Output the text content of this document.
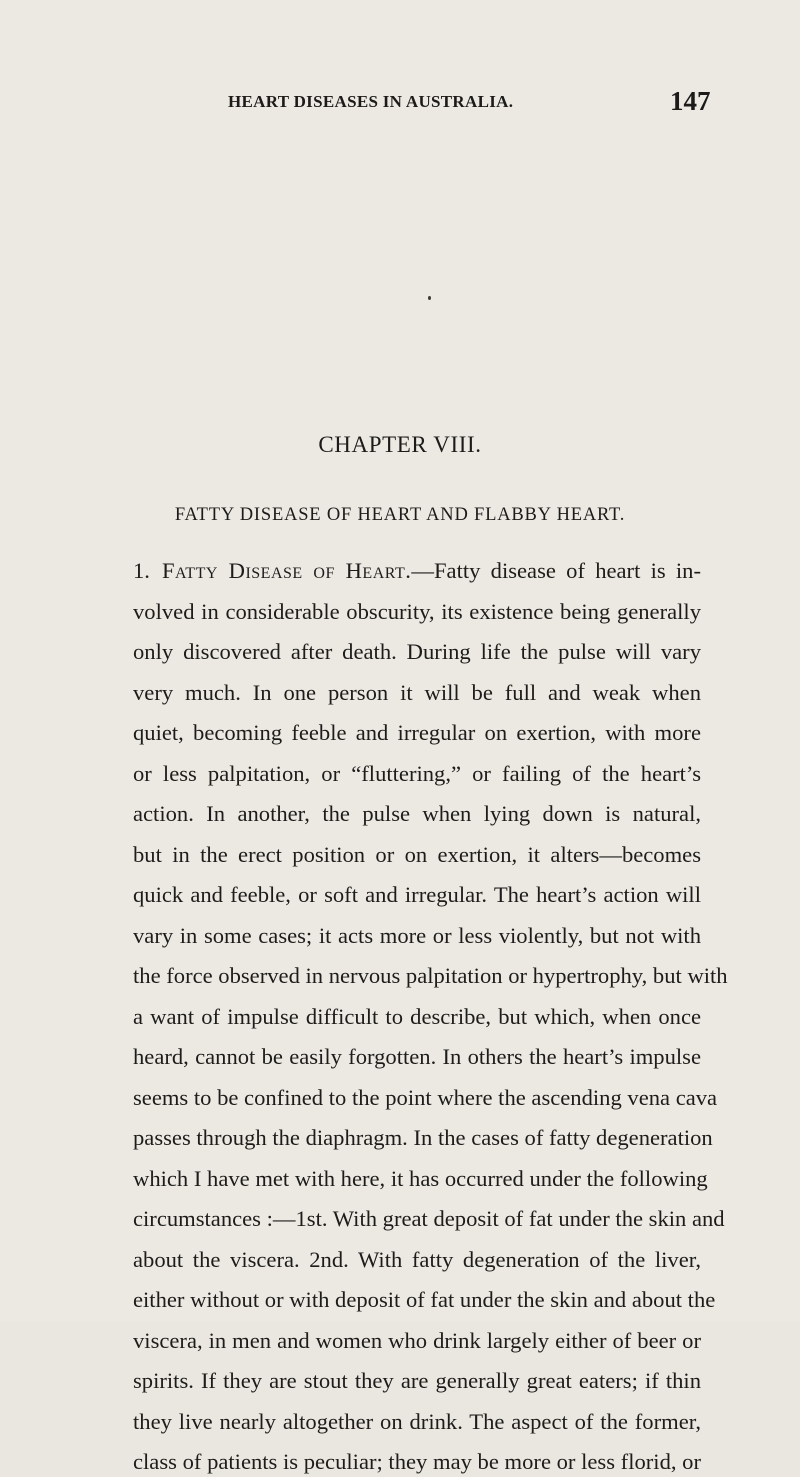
HEART DISEASES IN AUSTRALIA.	147
CHAPTER VIII.
FATTY DISEASE OF HEART AND FLABBY HEART.
1. Fatty Disease of Heart.—Fatty disease of heart is in-
volved in considerable obscurity, its existence being generally
only discovered after death. During life the pulse will vary
very much. In one person it will be full and weak when
quiet, becoming feeble and irregular on exertion, with more
or less palpitation, or “fluttering,” or failing of the heart’s
action. In another, the pulse when lying down is natural,
but in the erect position or on exertion, it alters—becomes
quick and feeble, or soft and irregular. The heart’s action will
vary in some cases; it acts more or less violently, but not with
the force observed in nervous palpitation or hypertrophy, but with
a want of impulse difficult to describe, but which, when once
heard, cannot be easily forgotten. In others the heart’s impulse
seems to be confined to the point where the ascending vena cava
passes through the diaphragm. In the cases of fatty degeneration
which I have met with here, it has occurred under the following
circumstances :—1st. With great deposit of fat under the skin and
about the viscera. 2nd. With fatty degeneration of the liver,
either without or with deposit of fat under the skin and about the
viscera, in men and women who drink largely either of beer or
spirits. If they are stout they are generally great eaters; if thin
they live nearly altogether on drink. The aspect of the former,
class of patients is peculiar; they may be more or less florid, or
